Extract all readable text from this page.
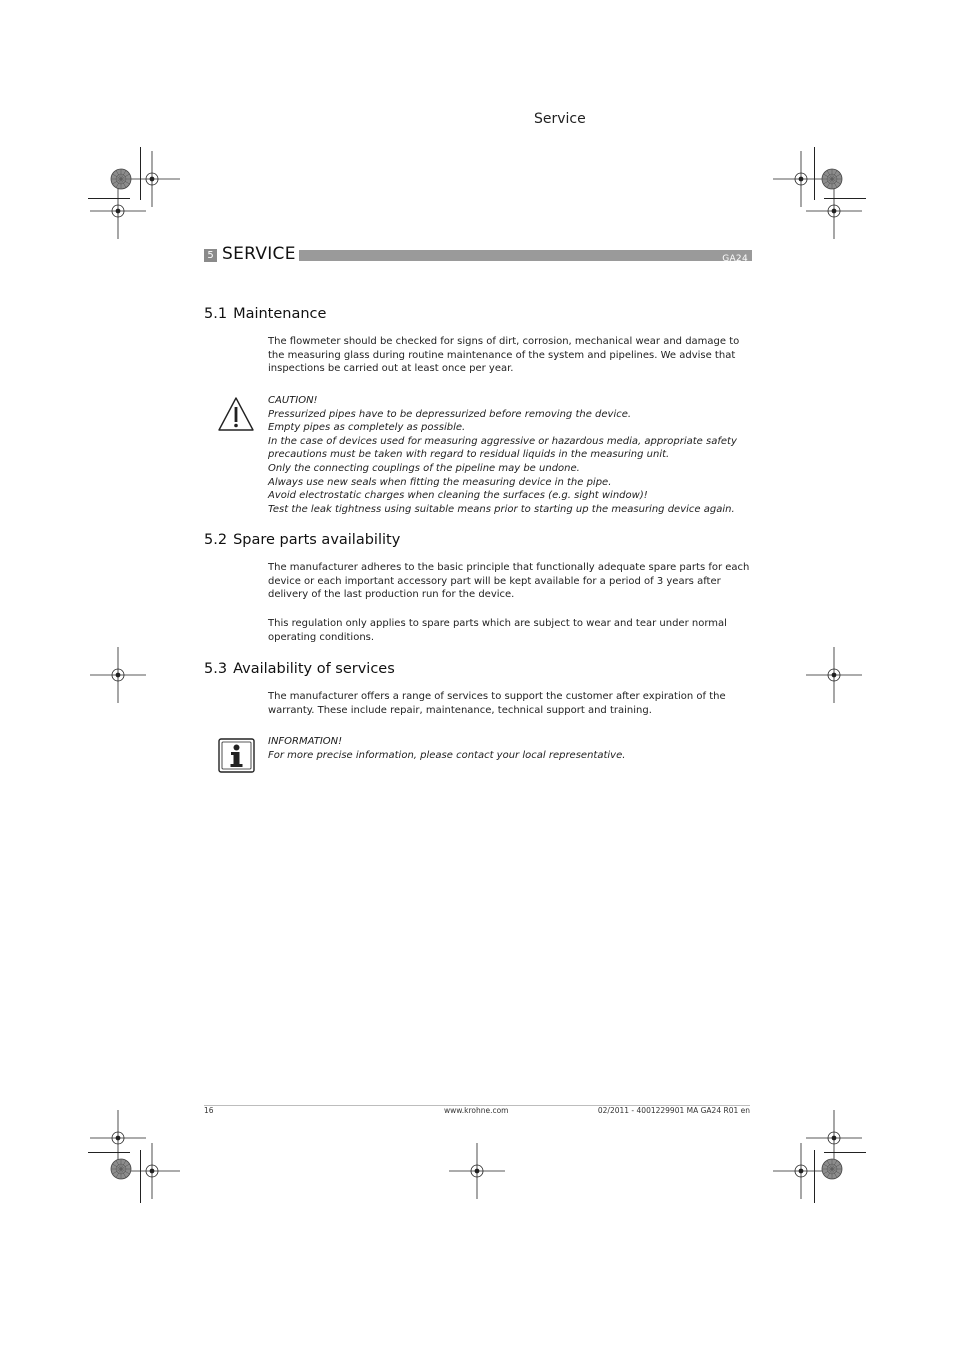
Service
5 SERVICE	GA24
5.1 Maintenance

The flowmeter should be checked for signs of dirt, corrosion, mechanical wear and damage to the measuring glass during routine maintenance of the system and pipelines. We advise that inspections be carried out at least once per year.

CAUTION!

Pressurized pipes have to be depressurized before removing the device.

Empty pipes as completely as possible.

In the case of devices used for measuring aggressive or hazardous media, appropriate safety precautions must be taken with regard to residual liquids in the measuring unit.

Only the connecting couplings of the pipeline may be undone.

Always use new seals when fitting the measuring device in the pipe.

Avoid electrostatic charges when cleaning the surfaces (e.g. sight window)!

Test the leak tightness using suitable means prior to starting up the measuring device again.

5.2 Spare parts availability

The manufacturer adheres to the basic principle that functionally adequate spare parts for each device or each important accessory part will be kept available for a period of 3 years after delivery of the last production run for the device.

This regulation only applies to spare parts which are subject to wear and tear under normal operating conditions.

5.3 Availability of services

The manufacturer offers a range of services to support the customer after expiration of the warranty. These include repair, maintenance, technical support and training.

INFORMATION!

For more precise information, please contact your local representative.

16	www.krohne.com	02/2011 - 4001229901 MA GA24 R01 en
